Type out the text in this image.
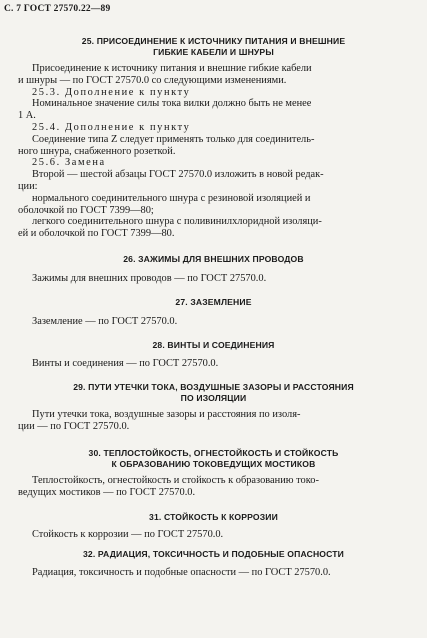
С. 7 ГОСТ 27570.22—89
25. ПРИСОЕДИНЕНИЕ К ИСТОЧНИКУ ПИТАНИЯ И ВНЕШНИЕ
ГИБКИЕ КАБЕЛИ И ШНУРЫ

Присоединение к источнику питания и внешние гибкие кабели

и шнуры — по ГОСТ 27570.0 со следующими изменениями.

25.3. Дополнение к пункту

Номинальное значение силы тока вилки должно быть не менее

1 А.

25.4. Дополнение к пункту

Соединение типа Z следует применять только для соединитель-

ного шнура, снабженного розеткой.

25.6. Замена

Второй — шестой абзацы ГОСТ 27570.0 изложить в новой редак-

ции:

нормального соединительного шнура с резиновой изоляцией и

оболочкой по ГОСТ 7399—80;

легкого соединительного шнура с поливинилхлоридной изоляци-

ей и оболочкой по ГОСТ 7399—80.

26. ЗАЖИМЫ ДЛЯ ВНЕШНИХ ПРОВОДОВ

Зажимы для внешних проводов — по ГОСТ 27570.0.

27. ЗАЗЕМЛЕНИЕ

Заземление — по ГОСТ 27570.0.

28. ВИНТЫ И СОЕДИНЕНИЯ

Винты и соединения — по ГОСТ 27570.0.

29. ПУТИ УТЕЧКИ ТОКА, ВОЗДУШНЫЕ ЗАЗОРЫ И РАССТОЯНИЯ
ПО ИЗОЛЯЦИИ

Пути утечки тока, воздушные зазоры и расстояния по изоля-

ции — по ГОСТ 27570.0.

30. ТЕПЛОСТОЙКОСТЬ, ОГНЕСТОЙКОСТЬ И СТОЙКОСТЬ
К ОБРАЗОВАНИЮ ТОКОВЕДУЩИХ МОСТИКОВ

Теплостойкость, огнестойкость и стойкость к образованию токо-

ведущих мостиков — по ГОСТ 27570.0.

31. СТОЙКОСТЬ К КОРРОЗИИ

Стойкость к коррозии — по ГОСТ 27570.0.

32. РАДИАЦИЯ, ТОКСИЧНОСТЬ И ПОДОБНЫЕ ОПАСНОСТИ

Радиация, токсичность и подобные опасности — по ГОСТ 27570.0.
